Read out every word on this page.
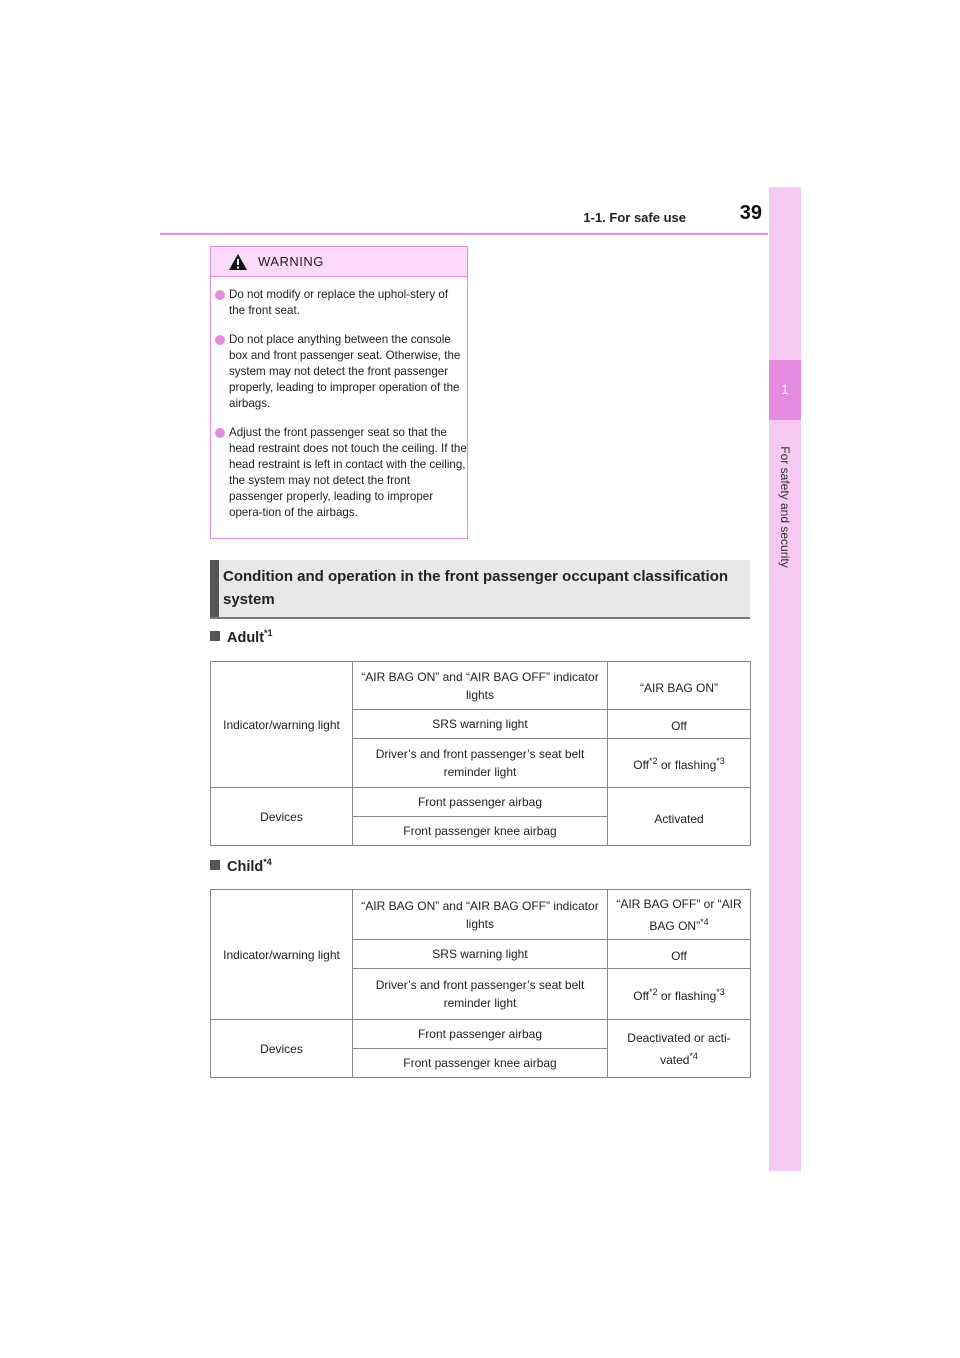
1-1. For safe use	39
1
For safety and security
WARNING
Do not modify or replace the uphol-stery of the front seat.
Do not place anything between the console box and front passenger seat. Otherwise, the system may not detect the front passenger properly, leading to improper operation of the airbags.
Adjust the front passenger seat so that the head restraint does not touch the ceiling. If the head restraint is left in contact with the ceiling, the system may not detect the front passenger properly, leading to improper opera-tion of the airbags.
Condition and operation in the front passenger occupant classification system
Adult$^{*1}$
Indicator/warning light	“AIR BAG ON” and “AIR BAG OFF” indicator lights	“AIR BAG ON”
	SRS warning light	Off
	Driver’s and front passenger’s seat belt reminder light	Off$^{*2}$ or flashing$^{*3}$
Devices	Front passenger airbag	Activated
	Front passenger knee airbag	
Child$^{*4}$
Indicator/warning light	“AIR BAG ON” and “AIR BAG OFF” indicator lights	“AIR BAG OFF” or “AIR BAG ON”$^{*4}$
	SRS warning light	Off
	Driver’s and front passenger’s seat belt reminder light	Off$^{*2}$ or flashing$^{*3}$
Devices	Front passenger airbag	Deactivated or acti-vated$^{*4}$
	Front passenger knee airbag	
